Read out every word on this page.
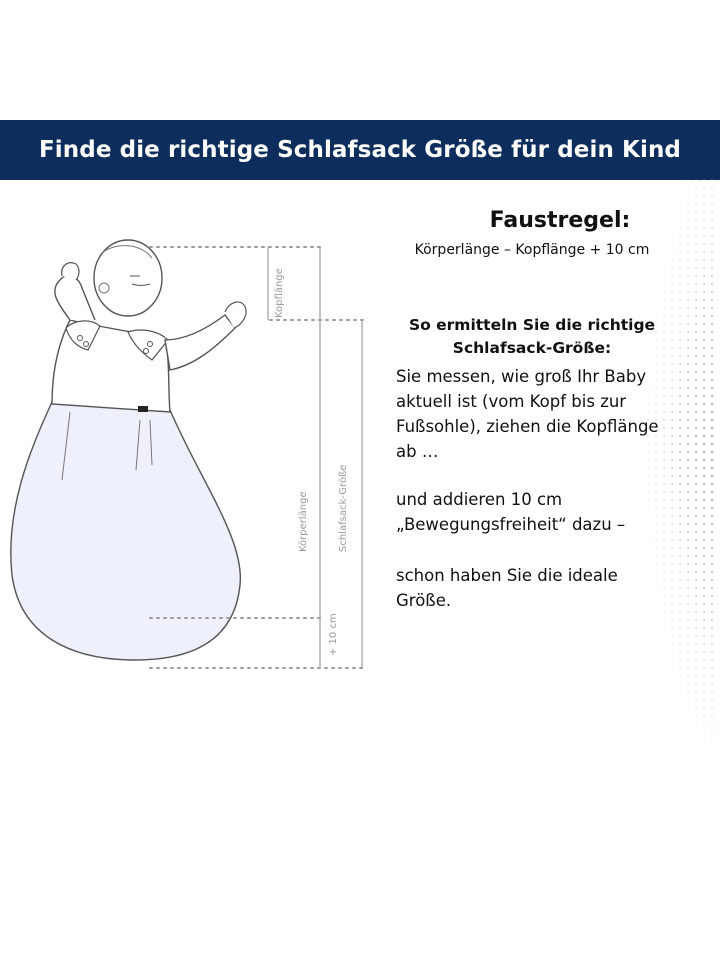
Finde die richtige Schlafsack Größe für dein Kind
Kopflänge
Körperlänge	Schlafsack-Größe
+ 10 cm
Faustregel:
Körperlänge – Kopflänge + 10 cm
So ermitteln Sie die richtige Schlafsack-Größe:
Sie messen, wie groß Ihr Baby aktuell ist (vom Kopf bis zur Fußsohle), ziehen die Kopflänge ab …
und addieren 10 cm „Bewegungsfreiheit“ dazu –
schon haben Sie die ideale Größe.
